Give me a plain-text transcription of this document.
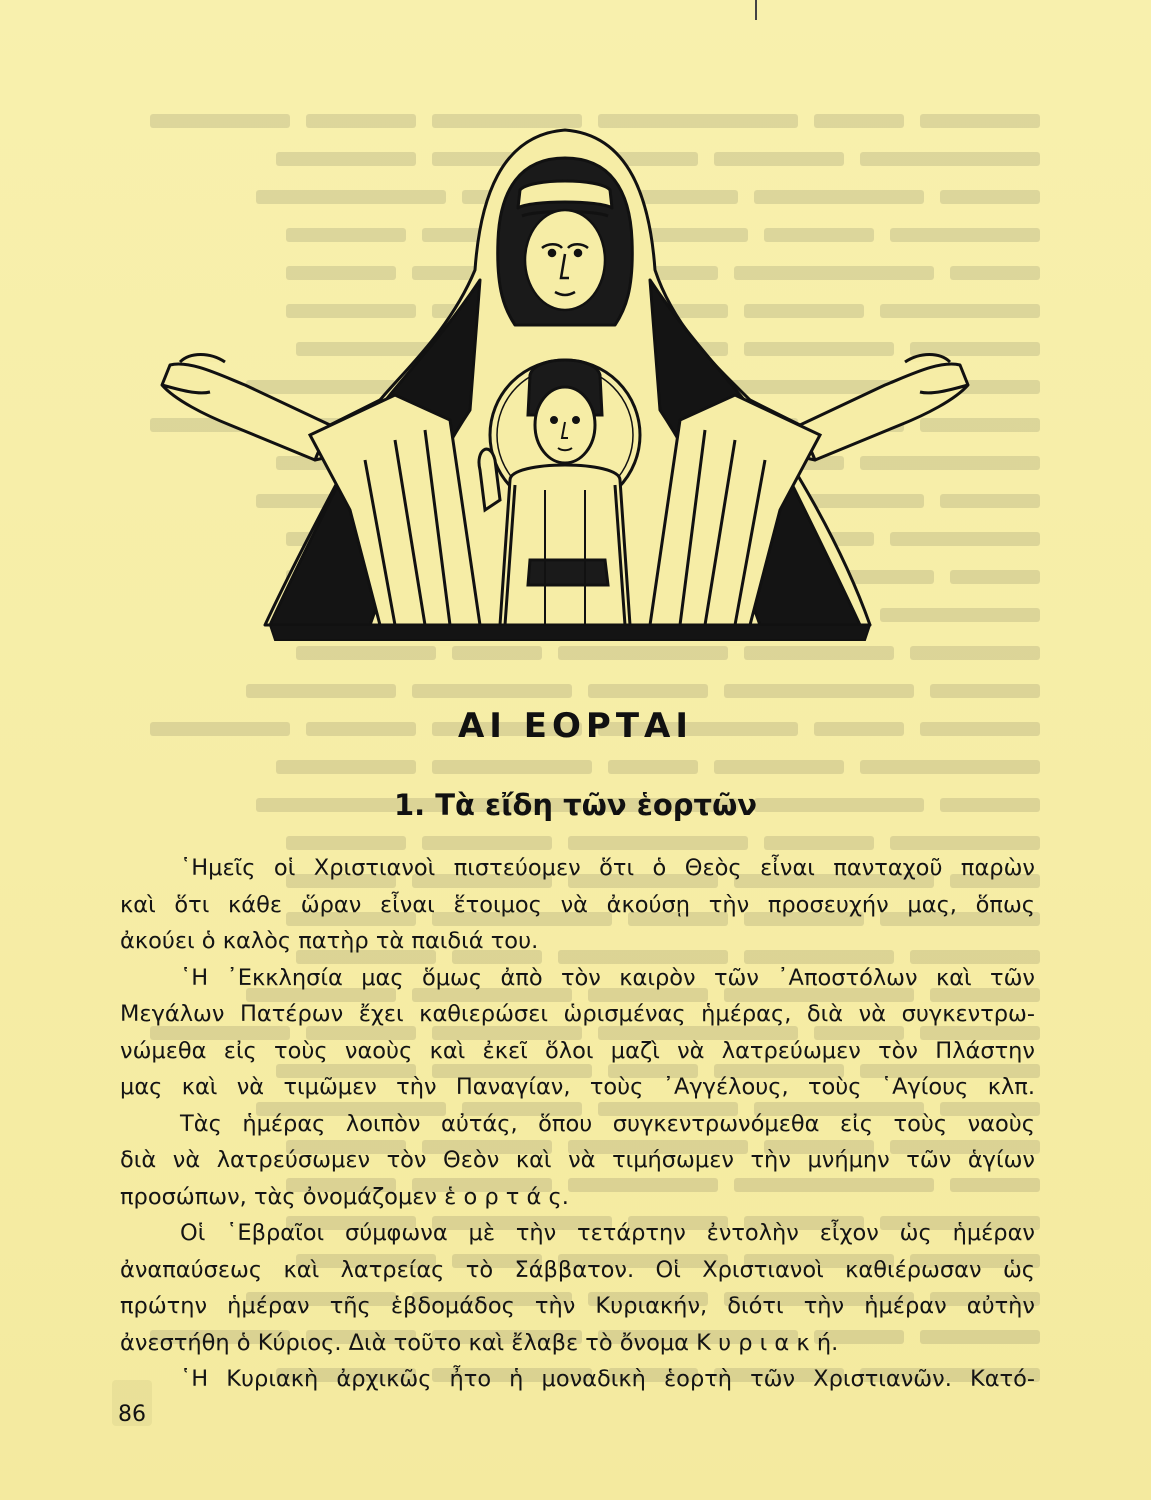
ΑΙ ΕΟΡΤΑΙ
1. Τὰ εἴδη τῶν ἑορτῶν
῾Ημεῖς οἱ Χριστιανοὶ πιστεύομεν ὅτι ὁ Θεὸς εἶναι πανταχοῦ παρὼν
καὶ ὅτι κάθε ὥραν εἶναι ἕτοιμος νὰ ἀκούσῃ τὴν προσευχήν μας, ὅπως
ἀκούει ὁ καλὸς πατὴρ τὰ παιδιά του.
῾Η ᾿Εκκλησία μας ὅμως ἀπὸ τὸν καιρὸν τῶν ᾿Αποστόλων καὶ τῶν
Μεγάλων Πατέρων ἔχει καθιερώσει ὡρισμένας ἡμέρας, διὰ νὰ συγκεντρω-
νώμεθα εἰς τοὺς ναοὺς καὶ ἐκεῖ ὅλοι μαζὶ νὰ λατρεύωμεν τὸν Πλάστην
μας καὶ νὰ τιμῶμεν τὴν Παναγίαν, τοὺς ᾿Αγγέλους, τοὺς ῾Αγίους κλπ.
Τὰς ἡμέρας λοιπὸν αὐτάς, ὅπου συγκεντρωνόμεθα εἰς τοὺς ναοὺς
διὰ νὰ λατρεύσωμεν τὸν Θεὸν καὶ νὰ τιμήσωμεν τὴν μνήμην τῶν ἁγίων
προσώπων, τὰς ὀνομάζομεν ἑ ο ρ τ ά ς.
Οἱ ῾Εβραῖοι σύμφωνα μὲ τὴν τετάρτην ἐντολὴν εἶχον ὡς ἡμέραν
ἀναπαύσεως καὶ λατρείας τὸ Σάββατον. Οἱ Χριστιανοὶ καθιέρωσαν ὡς
πρώτην ἡμέραν τῆς ἑβδομάδος τὴν Κυριακήν, διότι τὴν ἡμέραν αὐτὴν
ἀνεστήθη ὁ Κύριος. Διὰ τοῦτο καὶ ἔλαβε τὸ ὄνομα Κ υ ρ ι α κ ή.
῾Η Κυριακὴ ἀρχικῶς ἦτο ἡ μοναδικὴ ἑορτὴ τῶν Χριστιανῶν. Κατό-
86
